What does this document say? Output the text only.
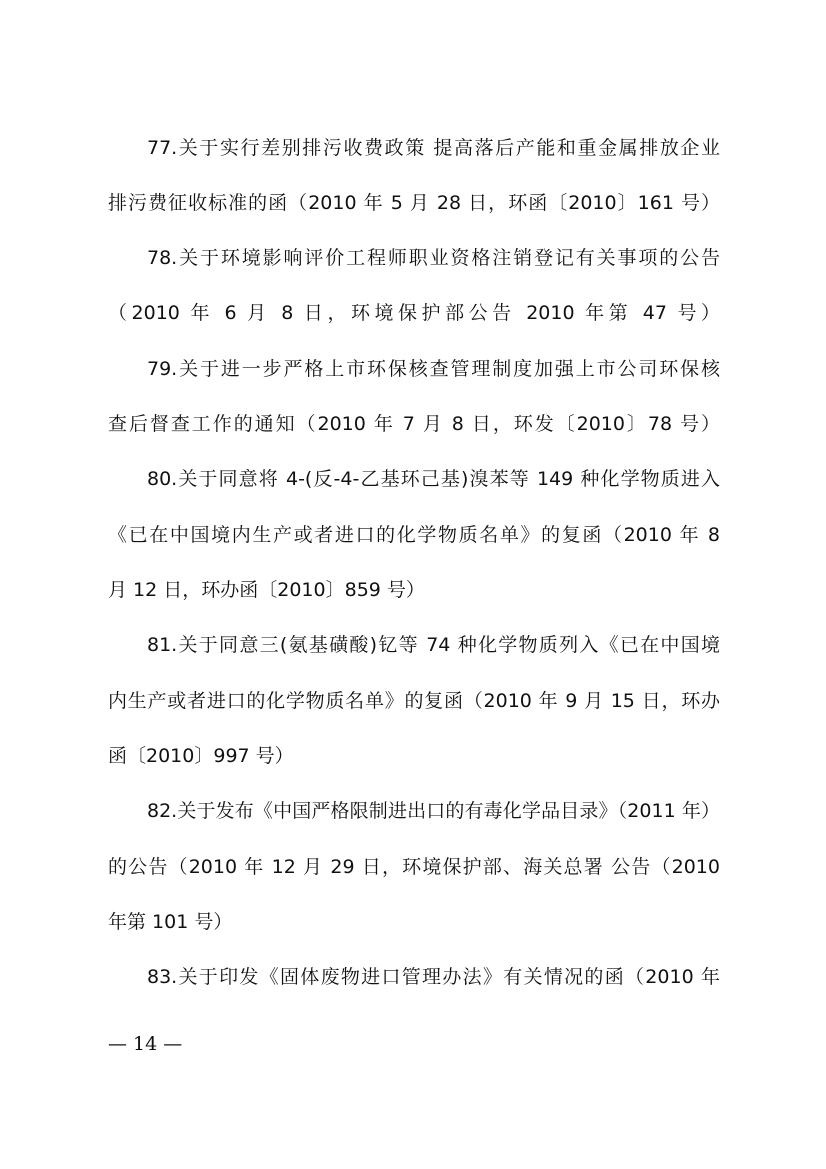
77.关于实行差别排污收费政策 提高落后产能和重金属排放企业
排污费征收标准的函（2010 年 5 月 28 日，环函〔2010〕161 号）
78.关于环境影响评价工程师职业资格注销登记有关事项的公告
（2010 年 6 月 8 日，环境保护部公告 2010 年第 47 号）
79.关于进一步严格上市环保核查管理制度加强上市公司环保核
查后督查工作的通知（2010 年 7 月 8 日，环发〔2010〕78 号）
80.关于同意将 4-(反-4-乙基环己基)溴苯等 149 种化学物质进入
《已在中国境内生产或者进口的化学物质名单》的复函（2010 年 8
月 12 日，环办函〔2010〕859 号）
81.关于同意三(氨基磺酸)钇等 74 种化学物质列入《已在中国境
内生产或者进口的化学物质名单》的复函（2010 年 9 月 15 日，环办
函〔2010〕997 号）
82.关于发布《中国严格限制进出口的有毒化学品目录》（2011 年）
的公告（2010 年 12 月 29 日，环境保护部、海关总署 公告（2010
年第 101 号）
83.关于印发《固体废物进口管理办法》有关情况的函（2010 年
— 14 —
